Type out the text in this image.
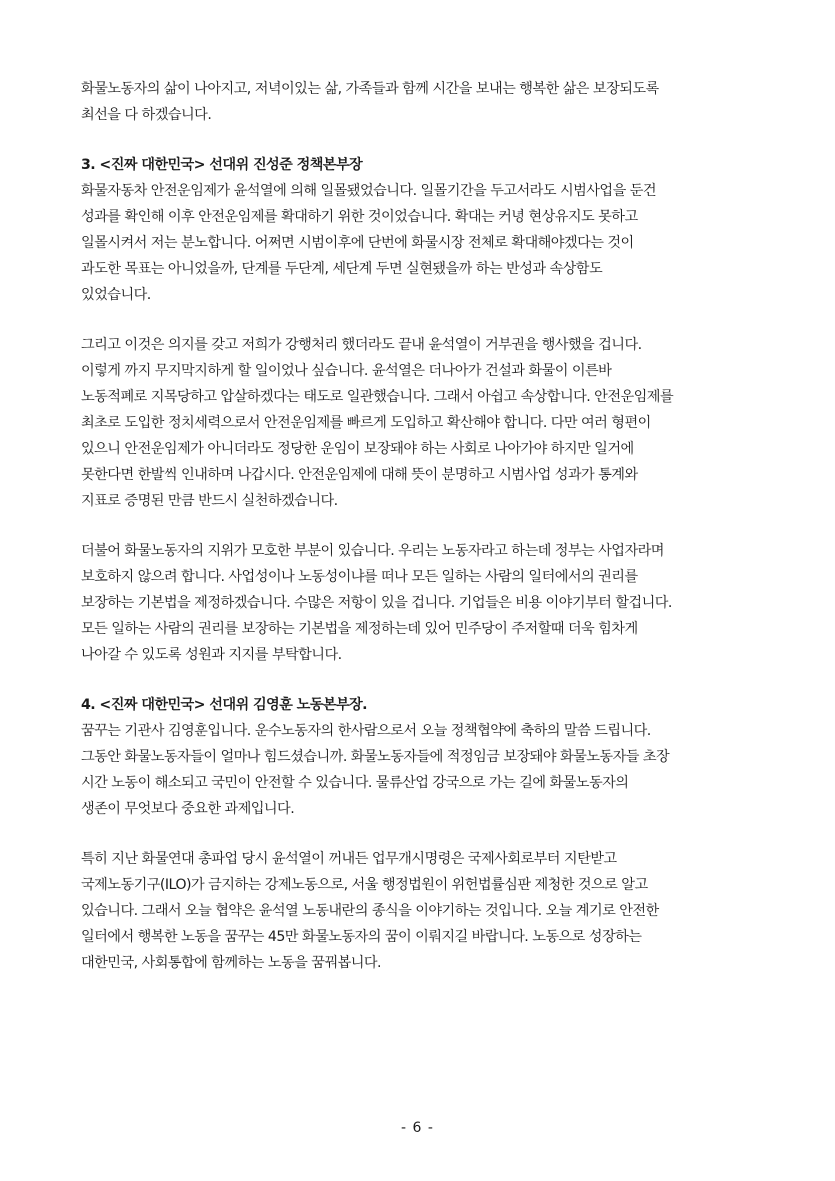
화물노동자의 삶이 나아지고, 저녁이있는 삶, 가족들과 함께 시간을 보내는 행복한 삶은 보장되도록
최선을 다 하겠습니다.
3. <진짜 대한민국> 선대위 진성준 정책본부장
화물자동차 안전운임제가 윤석열에 의해 일몰됐었습니다. 일몰기간을 두고서라도 시범사업을 둔건
성과를 확인해 이후 안전운임제를 확대하기 위한 것이었습니다. 확대는 커녕 현상유지도 못하고
일몰시켜서 저는 분노합니다. 어쩌면 시범이후에 단번에 화물시장 전체로 확대해야겠다는 것이
과도한 목표는 아니었을까, 단계를 두단계, 세단계 두면 실현됐을까 하는 반성과 속상함도
있었습니다.
그리고 이것은 의지를 갖고 저희가 강행처리 했더라도 끝내 윤석열이 거부권을 행사했을 겁니다.
이렇게 까지 무지막지하게 할 일이었나 싶습니다. 윤석열은 더나아가 건설과 화물이 이른바
노동적폐로 지목당하고 압살하겠다는 태도로 일관했습니다. 그래서 아쉽고 속상합니다. 안전운임제를
최초로 도입한 정치세력으로서 안전운임제를 빠르게 도입하고 확산해야 합니다. 다만 여러 형편이
있으니 안전운임제가 아니더라도 정당한 운임이 보장돼야 하는 사회로 나아가야 하지만 일거에
못한다면 한발씩 인내하며 나갑시다. 안전운임제에 대해 뜻이 분명하고 시범사업 성과가 통계와
지표로 증명된 만큼 반드시 실천하겠습니다.
더불어 화물노동자의 지위가 모호한 부분이 있습니다. 우리는 노동자라고 하는데 정부는 사업자라며
보호하지 않으려 합니다. 사업성이나 노동성이냐를 떠나 모든 일하는 사람의 일터에서의 권리를
보장하는 기본법을 제정하겠습니다. 수많은 저항이 있을 겁니다. 기업들은 비용 이야기부터 할겁니다.
모든 일하는 사람의 권리를 보장하는 기본법을 제정하는데 있어 민주당이 주저할때 더욱 힘차게
나아갈 수 있도록 성원과 지지를 부탁합니다.
4. <진짜 대한민국> 선대위 김영훈 노동본부장.
꿈꾸는 기관사 김영훈입니다. 운수노동자의 한사람으로서 오늘 정책협약에 축하의 말씀 드립니다.
그동안 화물노동자들이 얼마나 힘드셨습니까. 화물노동자들에 적정임금 보장돼야 화물노동자들 초장
시간 노동이 해소되고 국민이 안전할 수 있습니다. 물류산업 강국으로 가는 길에 화물노동자의
생존이 무엇보다 중요한 과제입니다.
특히 지난 화물연대 총파업 당시 윤석열이 꺼내든 업무개시명령은 국제사회로부터 지탄받고
국제노동기구(ILO)가 금지하는 강제노동으로, 서울 행정법원이 위헌법률심판 제청한 것으로 알고
있습니다. 그래서 오늘 협약은 윤석열 노동내란의 종식을 이야기하는 것입니다. 오늘 계기로 안전한
일터에서 행복한 노동을 꿈꾸는 45만 화물노동자의 꿈이 이뤄지길 바랍니다. 노동으로 성장하는
대한민국, 사회통합에 함께하는 노동을 꿈꿔봅니다.
- 6 -
